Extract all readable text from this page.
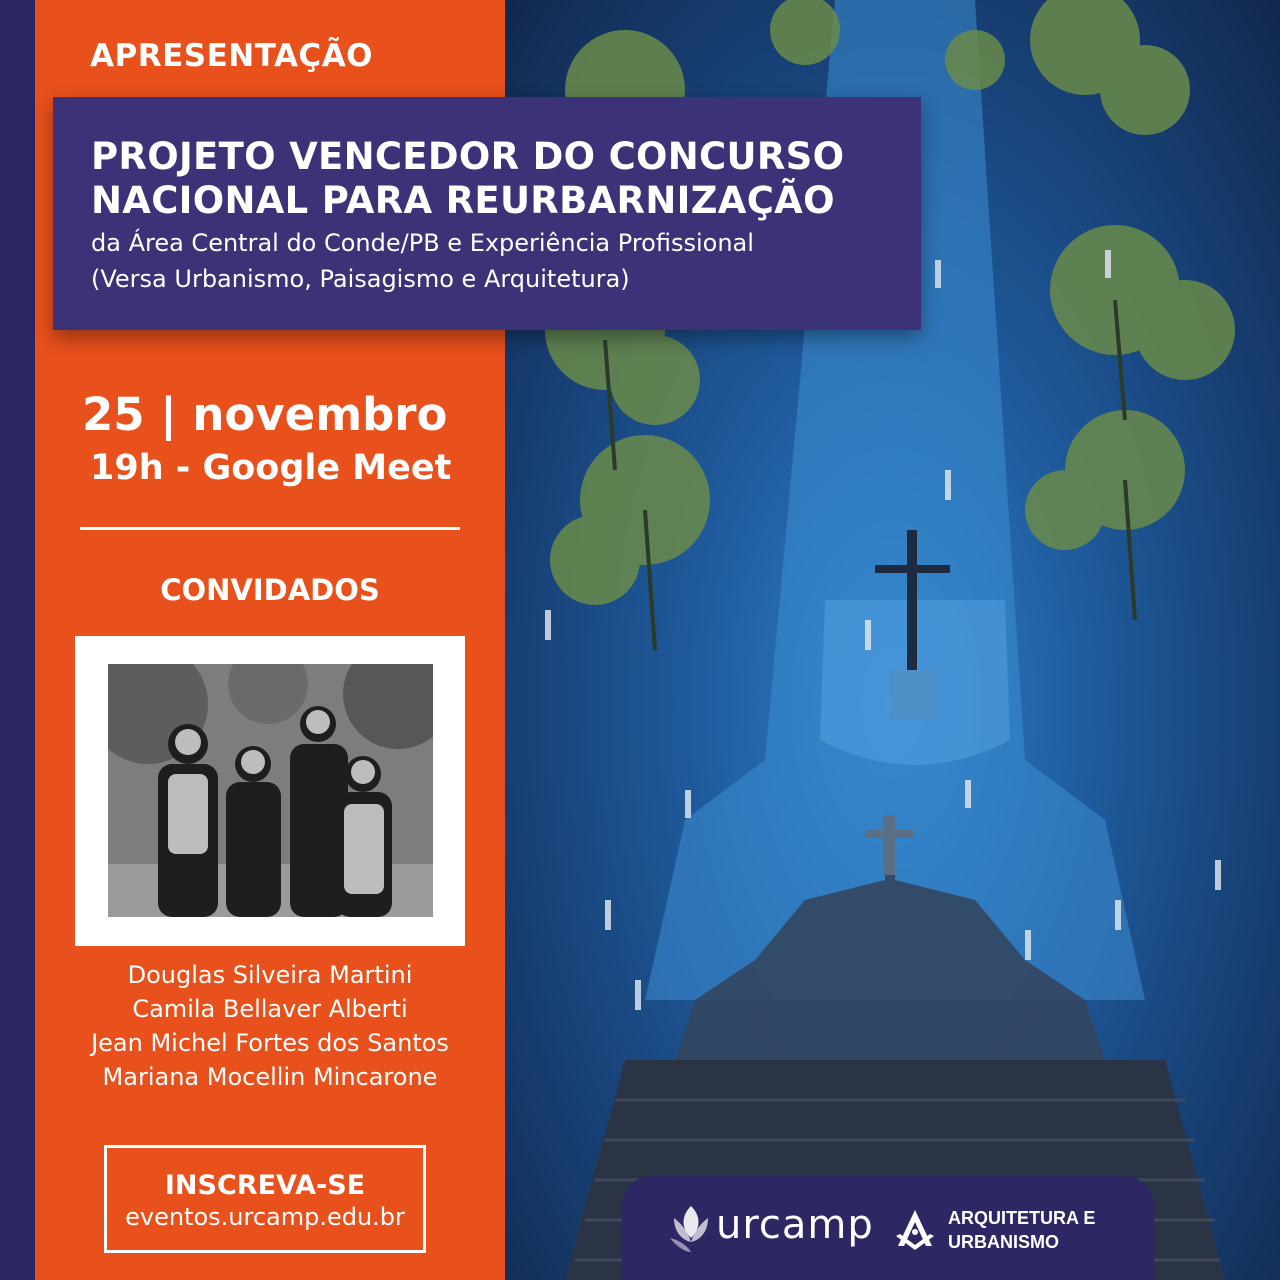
APRESENTAÇÃO
PROJETO VENCEDOR DO CONCURSO
NACIONAL PARA REURBARNIZAÇÃO
da Área Central do Conde/PB e Experiência Profissional
(Versa Urbanismo, Paisagismo e Arquitetura)
25 | novembro
19h - Google Meet
CONVIDADOS
Douglas Silveira Martini
Camila Bellaver Alberti
Jean Michel Fortes dos Santos
Mariana Mocellin Mincarone
INSCREVA-SE
eventos.urcamp.edu.br	urcamp	ARQUITETURA E
URBANISMO
